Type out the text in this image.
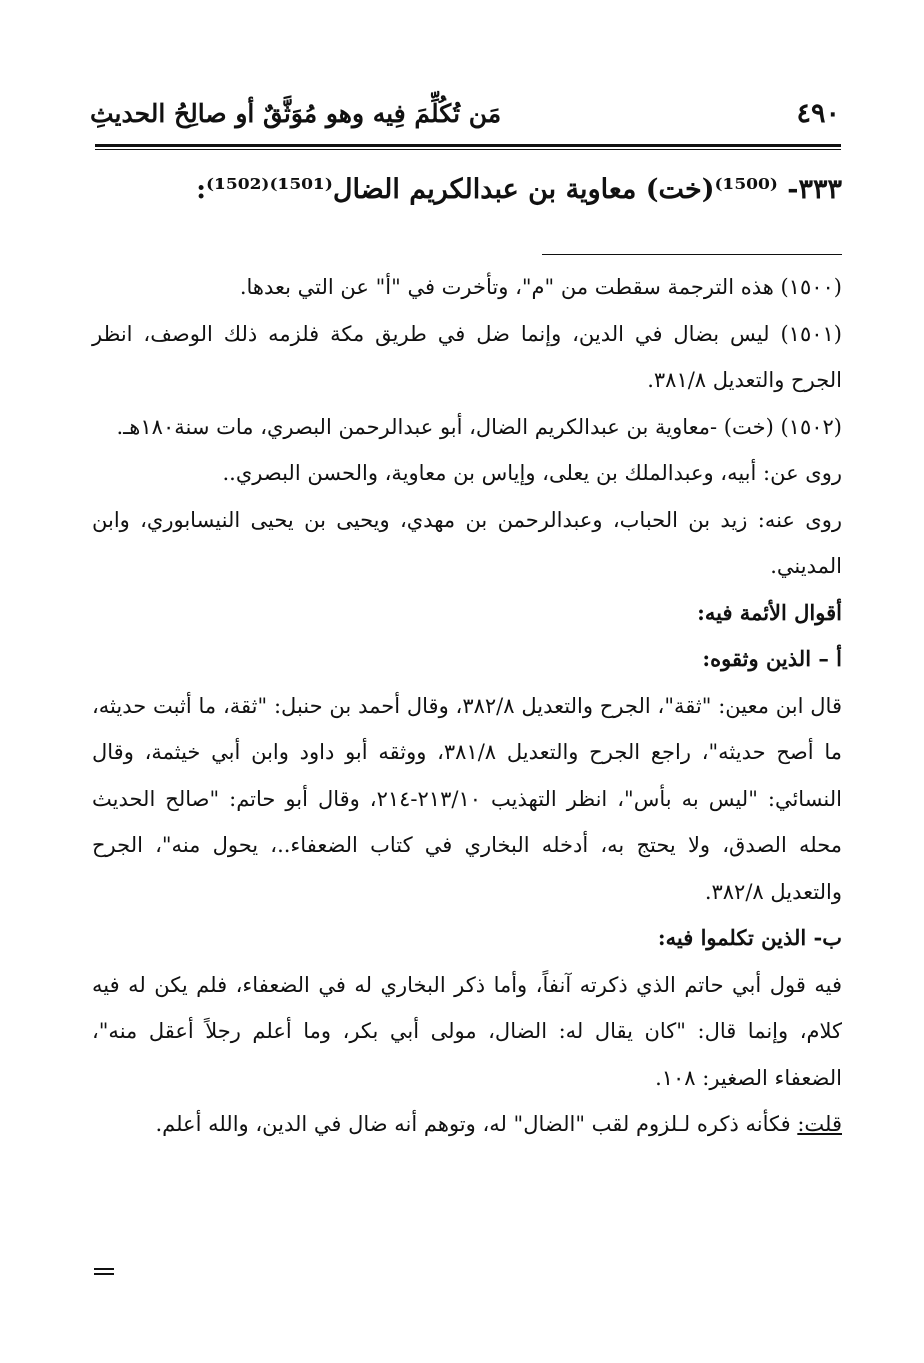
٤٩٠
مَن تُكُلِّمَ فِيه وهو مُوَثَّقٌ أو صالِحُ الحديثِ
٣٣٣- ⁽¹⁵⁰⁰⁾(خت) معاوية بن عبدالكريم الضال⁽¹⁵⁰¹⁾⁽¹⁵⁰²⁾:

(١٥٠٠) هذه الترجمة سقطت من "م"، وتأخرت في "أ" عن التي بعدها.

(١٥٠١) ليس بضال في الدين، وإنما ضل في طريق مكة فلزمه ذلك الوصف، انظر الجرح والتعديل ٣٨١/٨.

(١٥٠٢) (خت) -معاوية بن عبدالكريم الضال، أبو عبدالرحمن البصري، مات سنة١٨٠هـ.

روى عن: أبيه، وعبدالملك بن يعلى، وإياس بن معاوية، والحسن البصري..

روى عنه: زيد بن الحباب، وعبدالرحمن بن مهدي، ويحيى بن يحيى النيسابوري، وابن المديني.

أقوال الأئمة فيه:

أ – الذين وثقوه:

قال ابن معين: "ثقة"، الجرح والتعديل ٣٨٢/٨، وقال أحمد بن حنبل: "ثقة، ما أثبت حديثه، ما أصح حديثه"، راجع الجرح والتعديل ٣٨١/٨، ووثقه أبو داود وابن أبي خيثمة، وقال النسائي: "ليس به بأس"، انظر التهذيب ٢١٣/١٠-٢١٤، وقال أبو حاتم: "صالح الحديث محله الصدق، ولا يحتج به، أدخله البخاري في كتاب الضعفاء..، يحول منه"، الجرح والتعديل ٣٨٢/٨.

ب- الذين تكلموا فيه:

فيه قول أبي حاتم الذي ذكرته آنفاً، وأما ذكر البخاري له في الضعفاء، فلم يكن له فيه كلام، وإنما قال: "كان يقال له: الضال، مولى أبي بكر، وما أعلم رجلاً أعقل منه"، الضعفاء الصغير: ١٠٨.

قلت: فكأنه ذكره لـلزوم لقب "الضال" له، وتوهم أنه ضال في الدين، والله أعلم.
